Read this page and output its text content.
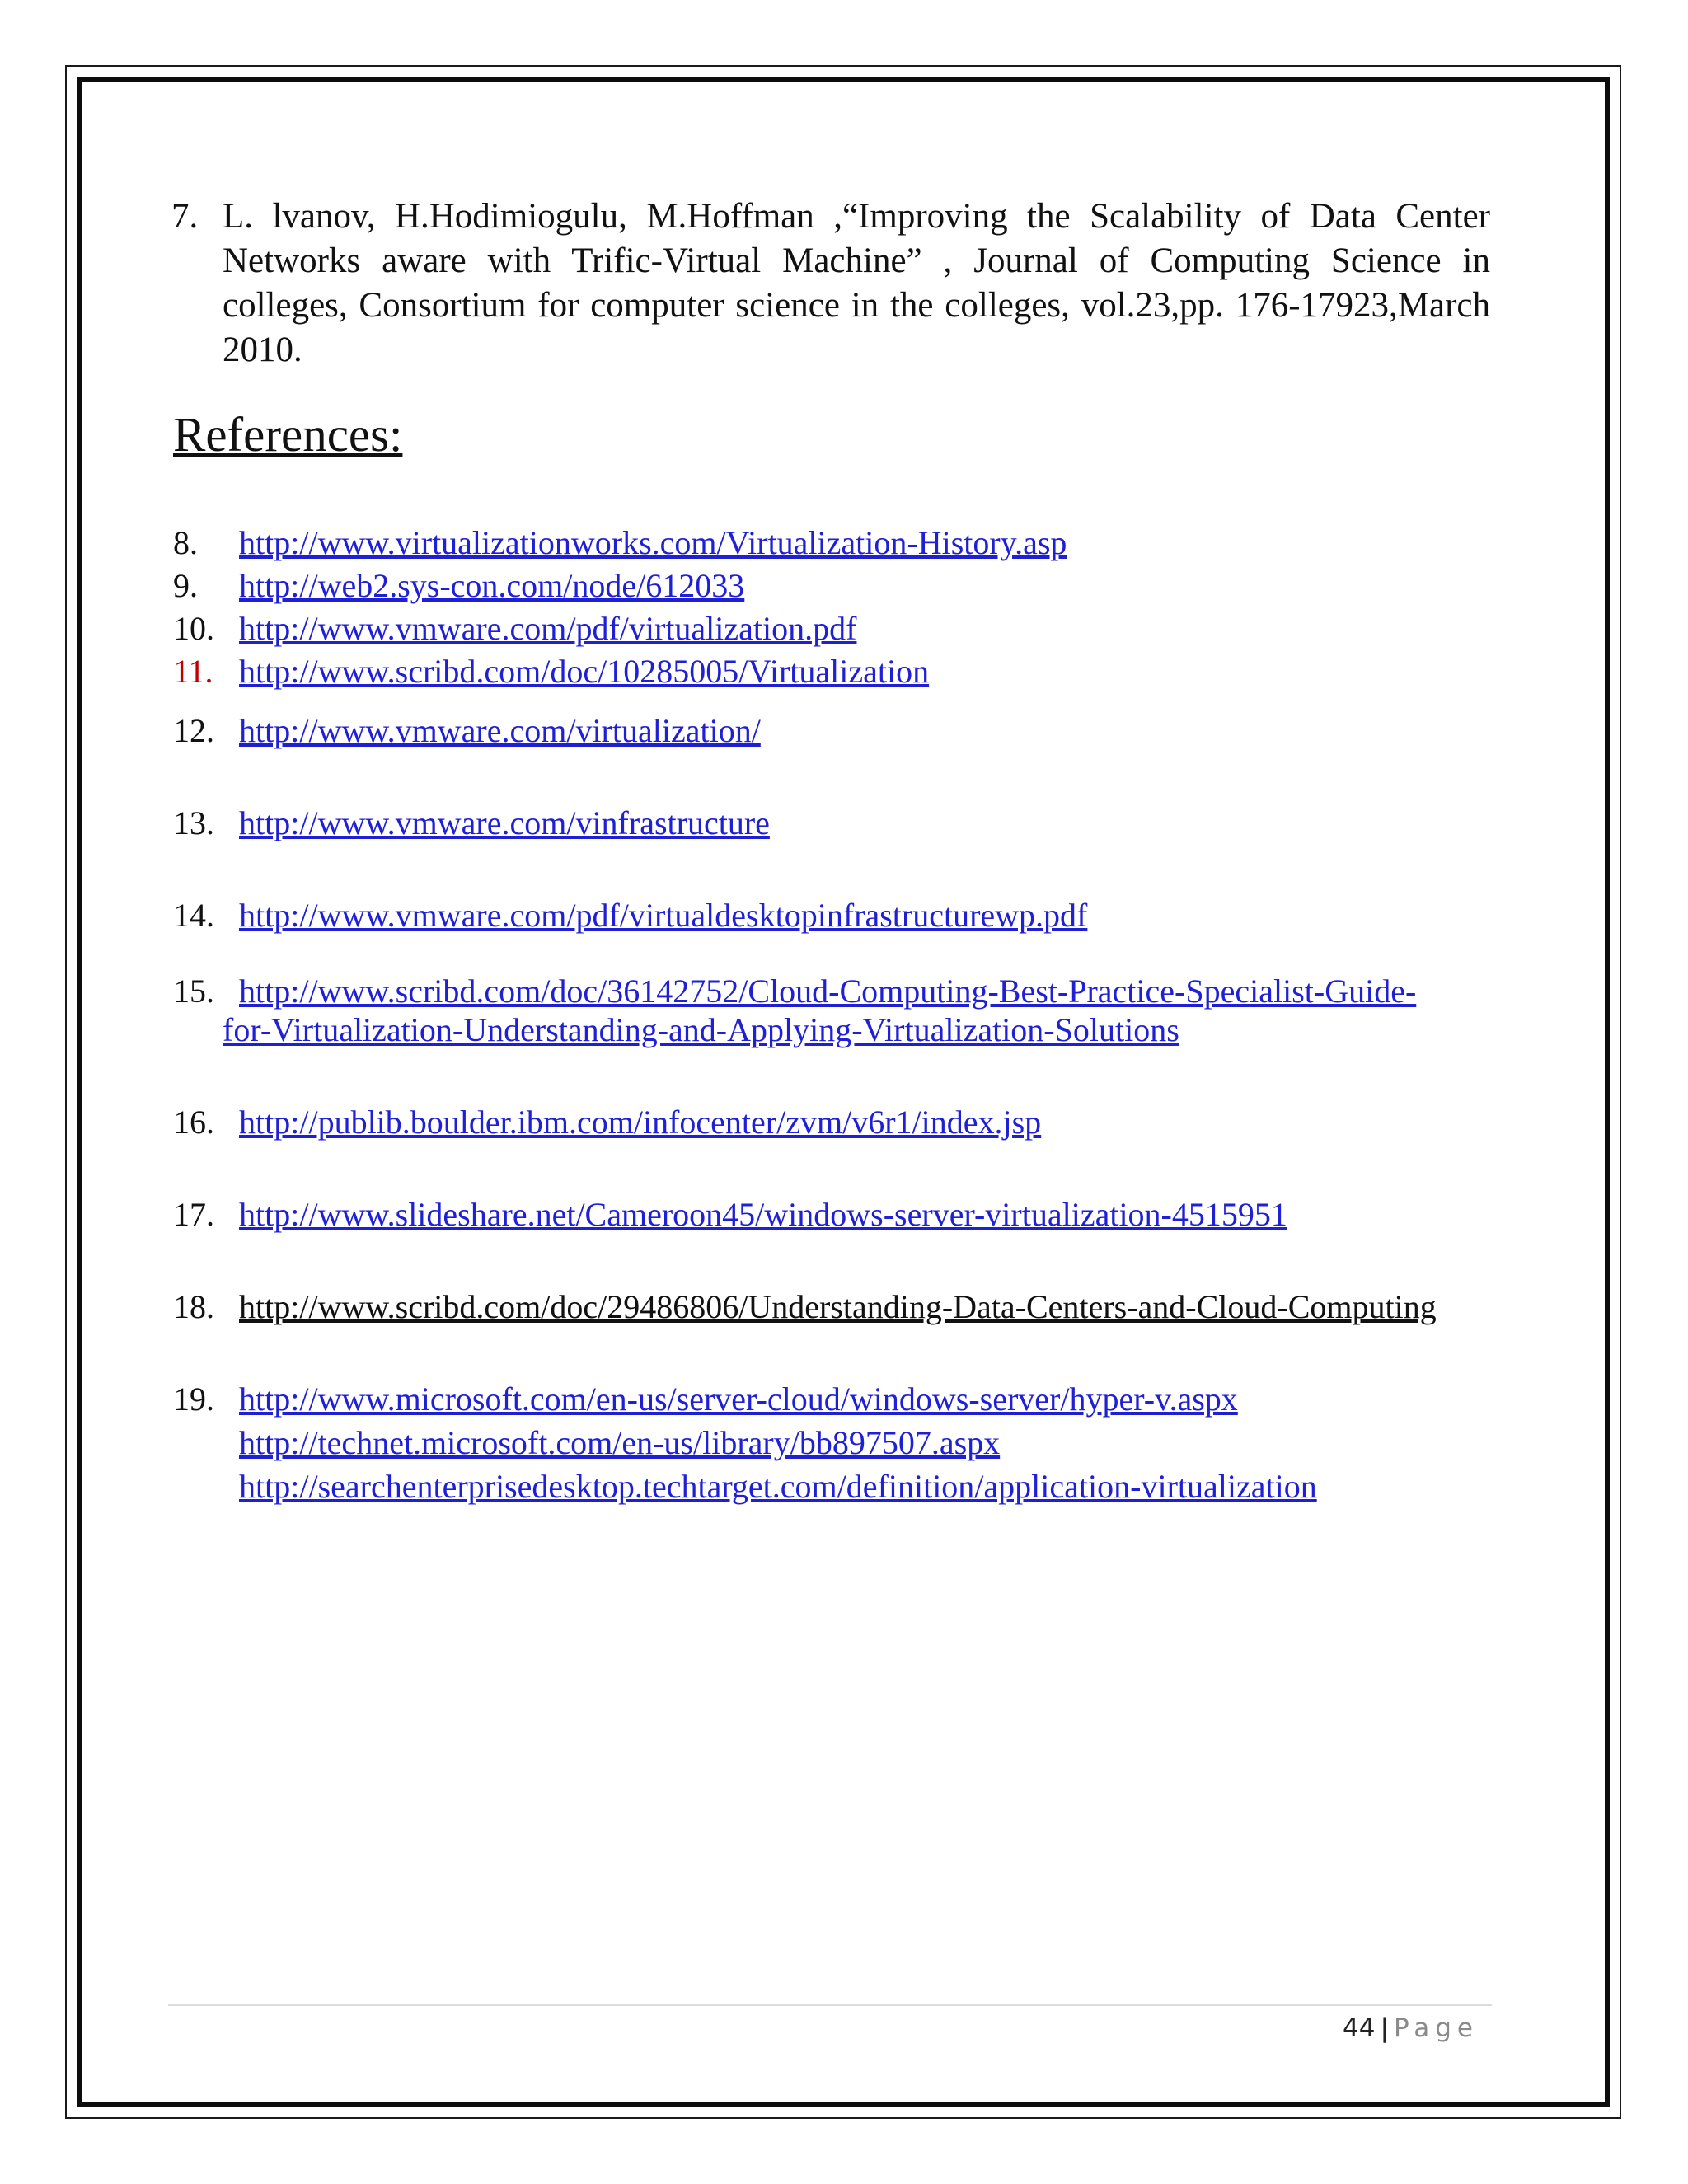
7. L. lvanov, H.Hodimiogulu, M.Hoffman ,“Improving the Scalability of Data Center Networks aware with Trific-Virtual Machine” , Journal of Computing Science in colleges, Consortium for computer science in the colleges, vol.23,pp. 176-17923,March 2010.
References:
8. http://www.virtualizationworks.com/Virtualization-History.asp
9. http://web2.sys-con.com/node/612033
10. http://www.vmware.com/pdf/virtualization.pdf
11. http://www.scribd.com/doc/10285005/Virtualization
12. http://www.vmware.com/virtualization/
13. http://www.vmware.com/vinfrastructure
14. http://www.vmware.com/pdf/virtualdesktopinfrastructurewp.pdf
15. http://www.scribd.com/doc/36142752/Cloud-Computing-Best-Practice-Specialist-Guide-
for-Virtualization-Understanding-and-Applying-Virtualization-Solutions
16. http://publib.boulder.ibm.com/infocenter/zvm/v6r1/index.jsp
17. http://www.slideshare.net/Cameroon45/windows-server-virtualization-4515951
18. http://www.scribd.com/doc/29486806/Understanding-Data-Centers-and-Cloud-Computing
19. http://www.microsoft.com/en-us/server-cloud/windows-server/hyper-v.aspx
http://technet.microsoft.com/en-us/library/bb897507.aspx
http://searchenterprisedesktop.techtarget.com/definition/application-virtualization
44 | Page
